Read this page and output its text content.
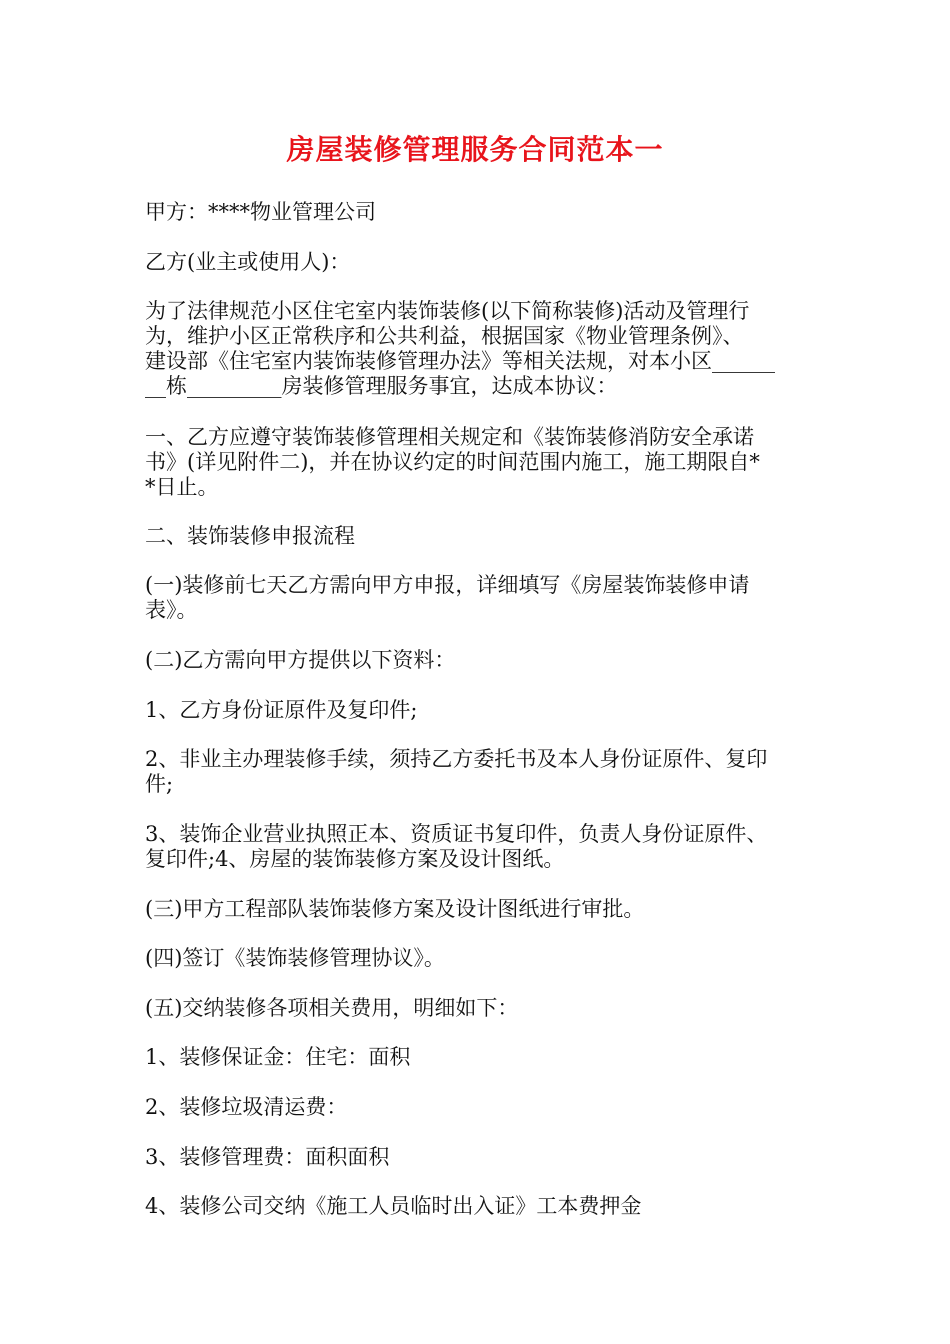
房屋装修管理服务合同范本一

甲方：****物业管理公司

乙方(业主或使用人)：

为了法律规范小区住宅室内装饰装修(以下简称装修)活动及管理行
为，维护小区正常秩序和公共利益，根据国家《物业管理条例》、
建设部《住宅室内装饰装修管理办法》等相关法规，对本小区______
__栋_________房装修管理服务事宜，达成本协议：

一、乙方应遵守装饰装修管理相关规定和《装饰装修消防安全承诺
书》(详见附件二)，并在协议约定的时间范围内施工，施工期限自*
*日止。

二、装饰装修申报流程

(一)装修前七天乙方需向甲方申报，详细填写《房屋装饰装修申请
表》。

(二)乙方需向甲方提供以下资料：

1、乙方身份证原件及复印件;

2、非业主办理装修手续，须持乙方委托书及本人身份证原件、复印
件;

3、装饰企业营业执照正本、资质证书复印件，负责人身份证原件、
复印件;4、房屋的装饰装修方案及设计图纸。

(三)甲方工程部队装饰装修方案及设计图纸进行审批。

(四)签订《装饰装修管理协议》。

(五)交纳装修各项相关费用，明细如下：

1、装修保证金：住宅：面积

2、装修垃圾清运费：

3、装修管理费：面积面积

4、装修公司交纳《施工人员临时出入证》工本费押金
